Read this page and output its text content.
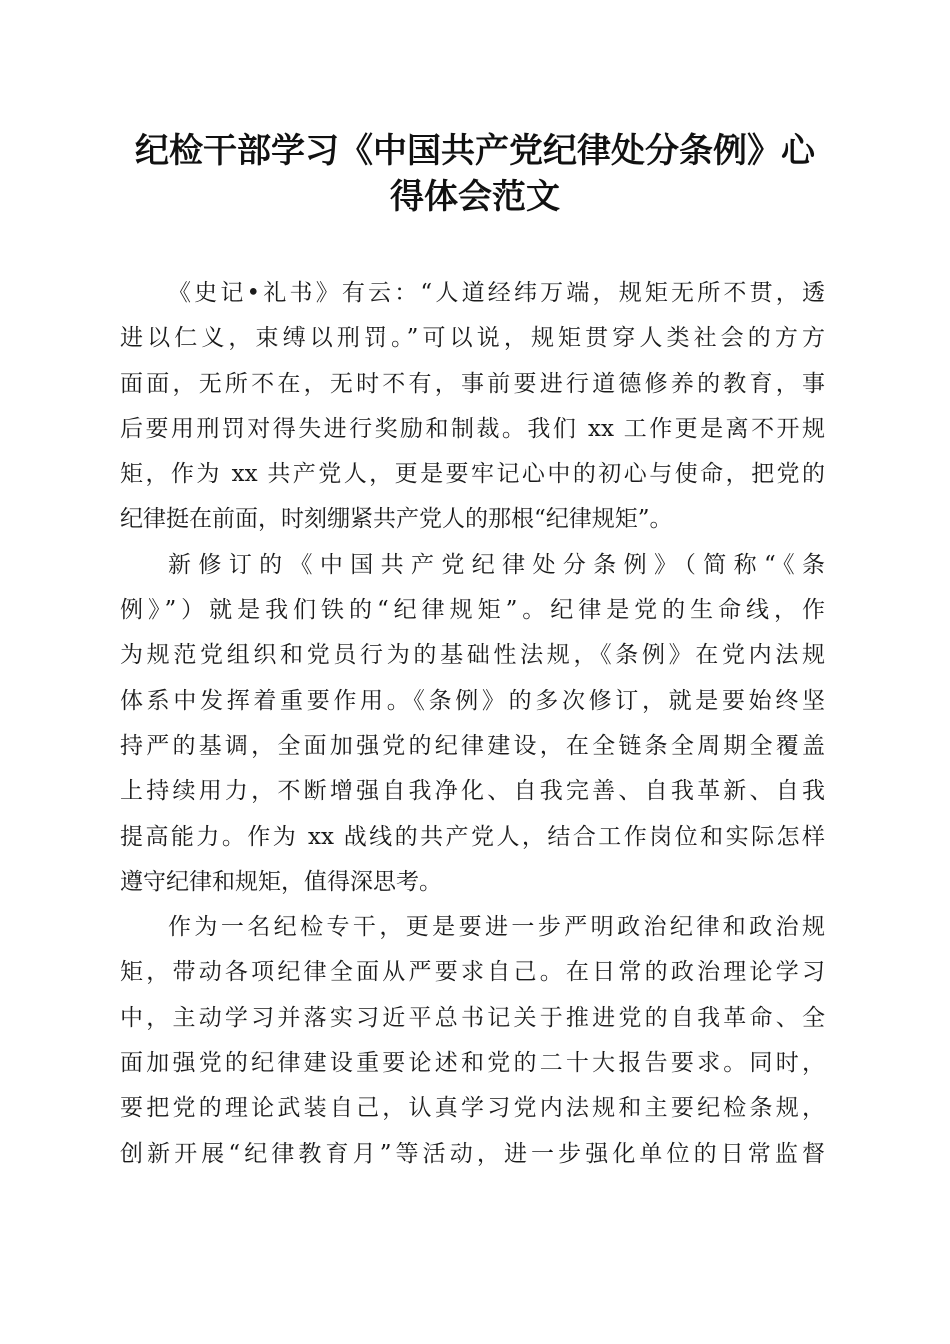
纪检干部学习《中国共产党纪律处分条例》心
得体会范文
《史记•礼书》有云：“人道经纬万端，规矩无所不贯，透
进以仁义，束缚以刑罚。”可以说，规矩贯穿人类社会的方方
面面，无所不在，无时不有，事前要进行道德修养的教育，事
后要用刑罚对得失进行奖励和制裁。我们 xx 工作更是离不开规
矩，作为 xx 共产党人，更是要牢记心中的初心与使命，把党的
纪律挺在前面，时刻绷紧共产党人的那根“纪律规矩”。
新修订的《中国共产党纪律处分条例》（简称“《条
例》”）就是我们铁的“纪律规矩”。纪律是党的生命线，作
为规范党组织和党员行为的基础性法规，《条例》在党内法规
体系中发挥着重要作用。《条例》的多次修订，就是要始终坚
持严的基调，全面加强党的纪律建设，在全链条全周期全覆盖
上持续用力，不断增强自我净化、自我完善、自我革新、自我
提高能力。作为 xx 战线的共产党人，结合工作岗位和实际怎样
遵守纪律和规矩，值得深思考。
作为一名纪检专干，更是要进一步严明政治纪律和政治规
矩，带动各项纪律全面从严要求自己。在日常的政治理论学习
中，主动学习并落实习近平总书记关于推进党的自我革命、全
面加强党的纪律建设重要论述和党的二十大报告要求。同时，
要把党的理论武装自己，认真学习党内法规和主要纪检条规，
创新开展“纪律教育月”等活动，进一步强化单位的日常监督
